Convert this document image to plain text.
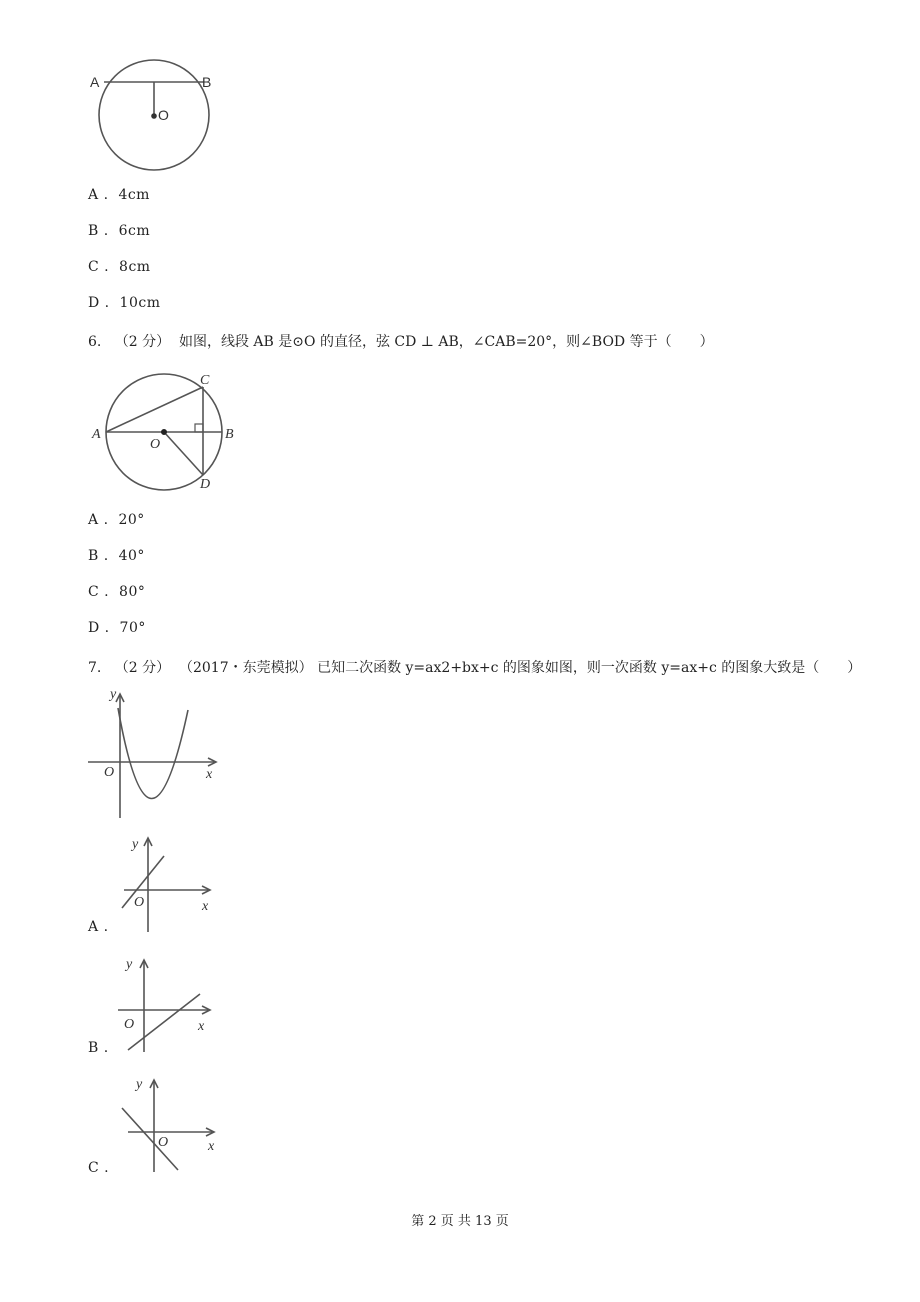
A	B
O
A .  4cm
B .  6cm
C .  8cm
D .  10cm
6. （2 分） 如图，线段 AB 是⊙O 的直径，弦 CD ⊥ AB，∠CAB=20°，则∠BOD 等于（　　）
A	B
C
D
O
A .  20°
B .  40°
C .  80°
D .  70°
7. （2 分） （2017・东莞模拟） 已知二次函数 y=ax2+bx+c 的图象如图，则一次函数 y=ax+c 的图象大致是（　　）
y
x
O
y
x
O
A .
y
x
O
B .
y
x
O
C .
第 2 页 共 13 页
